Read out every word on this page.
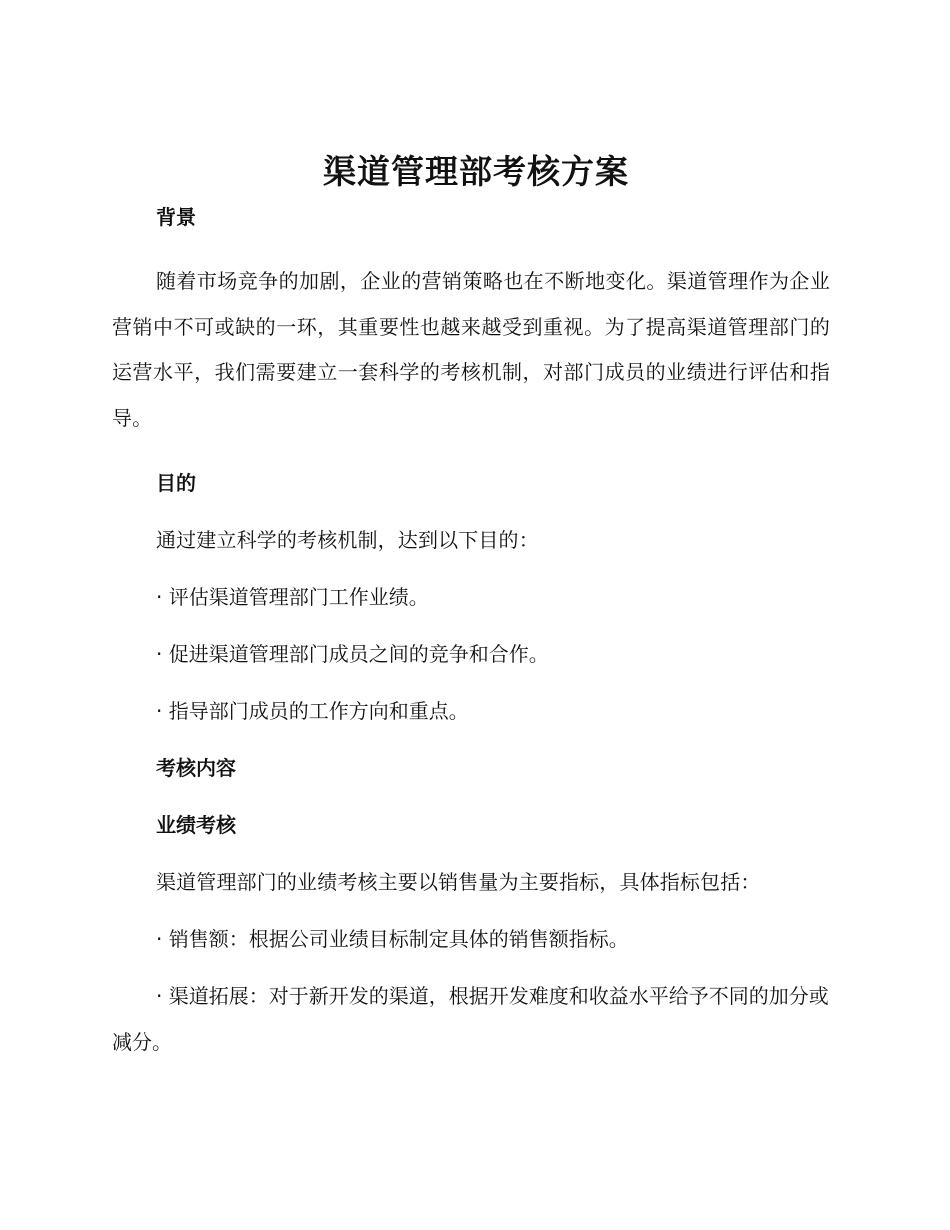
渠道管理部考核方案
背景

随着市场竞争的加剧，企业的营销策略也在不断地变化。渠道管理作为企业营销中不可或缺的一环，其重要性也越来越受到重视。为了提高渠道管理部门的运营水平，我们需要建立一套科学的考核机制，对部门成员的业绩进行评估和指导。

目的

通过建立科学的考核机制，达到以下目的：

· 评估渠道管理部门工作业绩。

· 促进渠道管理部门成员之间的竞争和合作。

· 指导部门成员的工作方向和重点。

考核内容
业绩考核

渠道管理部门的业绩考核主要以销售量为主要指标，具体指标包括：

· 销售额：根据公司业绩目标制定具体的销售额指标。

· 渠道拓展：对于新开发的渠道，根据开发难度和收益水平给予不同的加分或减分。
